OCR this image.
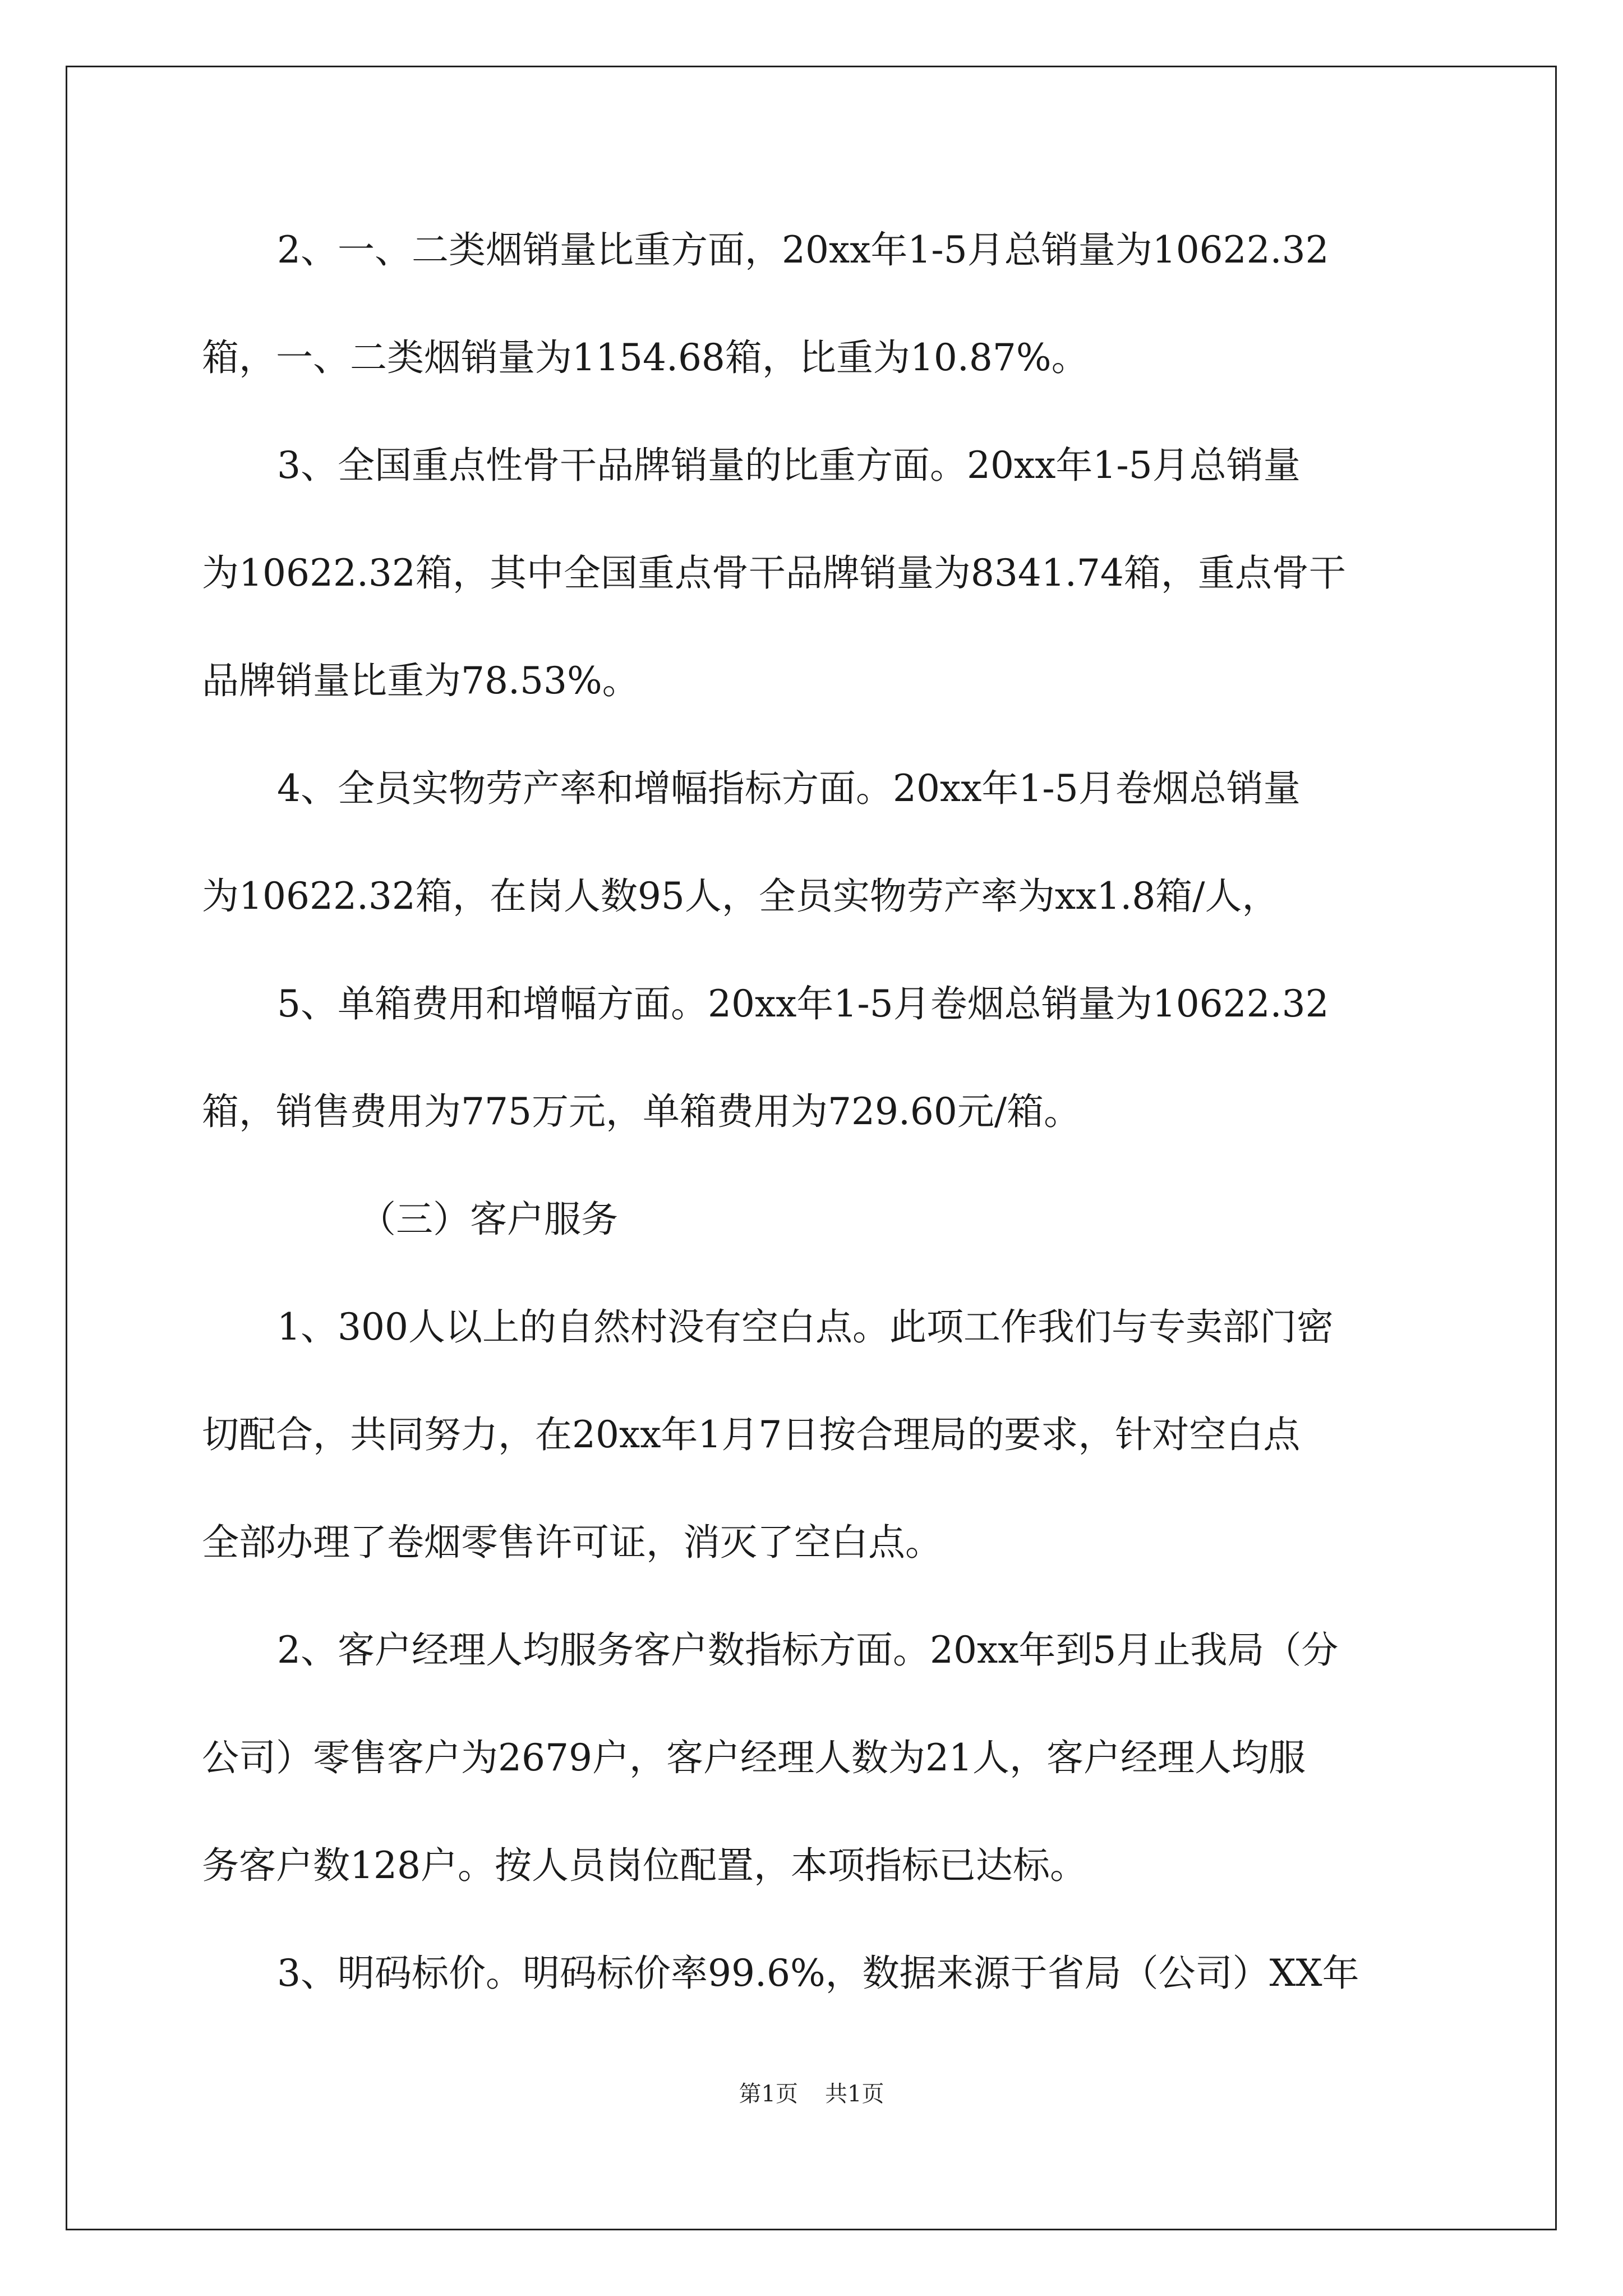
2、一、二类烟销量比重方面，20xx年1-5月总销量为10622.32
箱，一、二类烟销量为1154.68箱，比重为10.87%。
3、全国重点性骨干品牌销量的比重方面。20xx年1-5月总销量
为10622.32箱，其中全国重点骨干品牌销量为8341.74箱，重点骨干
品牌销量比重为78.53%。
4、全员实物劳产率和增幅指标方面。20xx年1-5月卷烟总销量
为10622.32箱，在岗人数95人，全员实物劳产率为xx1.8箱/人，
5、单箱费用和增幅方面。20xx年1-5月卷烟总销量为10622.32
箱，销售费用为775万元，单箱费用为729.60元/箱。
（三）客户服务
1、300人以上的自然村没有空白点。此项工作我们与专卖部门密
切配合，共同努力，在20xx年1月7日按合理局的要求，针对空白点
全部办理了卷烟零售许可证，消灭了空白点。
2、客户经理人均服务客户数指标方面。20xx年到5月止我局（分
公司）零售客户为2679户，客户经理人数为21人，客户经理人均服
务客户数128户。按人员岗位配置，本项指标已达标。
3、明码标价。明码标价率99.6%，数据来源于省局（公司）XX年
第1页 共1页
